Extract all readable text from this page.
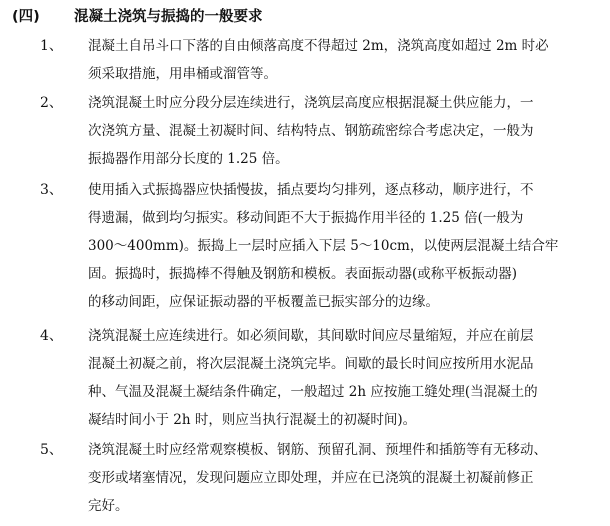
(四) 混凝土浇筑与振捣的一般要求
1、 混凝土自吊斗口下落的自由倾落高度不得超过 2m，浇筑高度如超过 2m 时必
须采取措施，用串桶或溜管等。
2、 浇筑混凝土时应分段分层连续进行，浇筑层高度应根据混凝土供应能力，一
次浇筑方量、混凝土初凝时间、结构特点、钢筋疏密综合考虑决定，一般为
振捣器作用部分长度的 1.25 倍。
3、 使用插入式振捣器应快插慢拔，插点要均匀排列，逐点移动，顺序进行，不
得遗漏，做到均匀振实。移动间距不大于振捣作用半径的 1.25 倍(一般为
300～400mm)。振捣上一层时应插入下层 5～10cm，以使两层混凝土结合牢
固。振捣时，振捣棒不得触及钢筋和模板。表面振动器(或称平板振动器)
的移动间距，应保证振动器的平板覆盖已振实部分的边缘。
4、 浇筑混凝土应连续进行。如必须间歇，其间歇时间应尽量缩短，并应在前层
混凝土初凝之前，将次层混凝土浇筑完毕。间歇的最长时间应按所用水泥品
种、气温及混凝土凝结条件确定，一般超过 2h 应按施工缝处理(当混凝土的
凝结时间小于 2h 时，则应当执行混凝土的初凝时间)。
5、 浇筑混凝土时应经常观察模板、钢筋、预留孔洞、预埋件和插筋等有无移动、
变形或堵塞情况，发现问题应立即处理，并应在已浇筑的混凝土初凝前修正
完好。
